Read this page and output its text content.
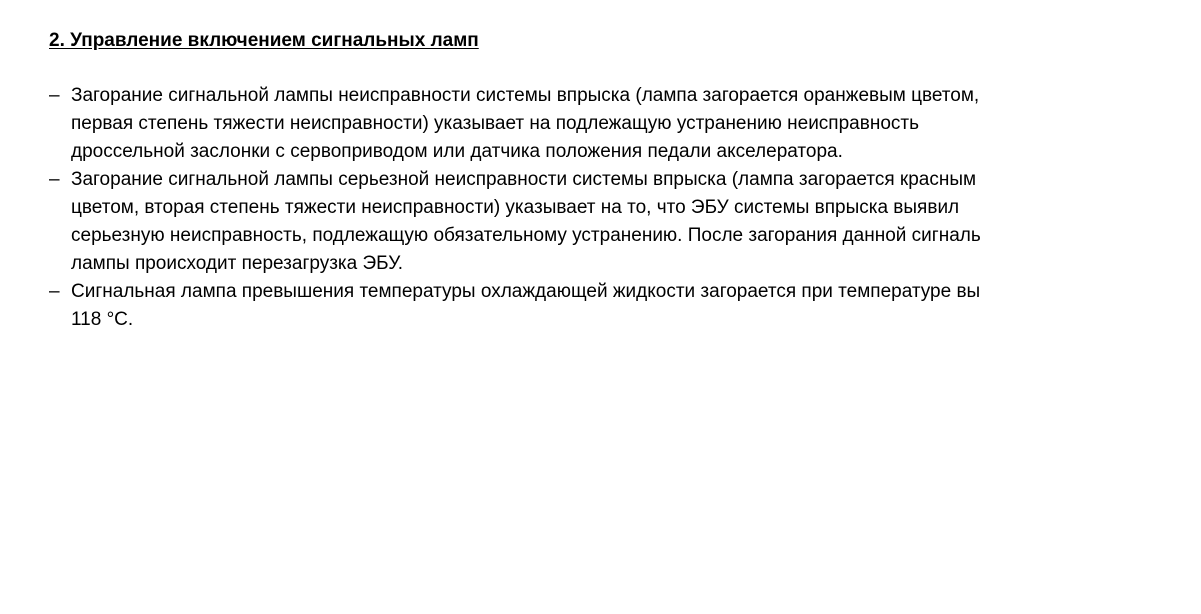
2. Управление включением сигнальных ламп
– Загорание сигнальной лампы неисправности системы впрыска (лампа загорается оранжевым цветом,
первая степень тяжести неисправности) указывает на подлежащую устранению неисправность
дроссельной заслонки с сервоприводом или датчика положения педали акселератора.
– Загорание сигнальной лампы серьезной неисправности системы впрыска (лампа загорается красным
цветом, вторая степень тяжести неисправности) указывает на то, что ЭБУ системы впрыска выявил
серьезную неисправность, подлежащую обязательному устранению. После загорания данной сигналь
лампы происходит перезагрузка ЭБУ.
– Сигнальная лампа превышения температуры охлаждающей жидкости загорается при температуре вы
118 °С.
